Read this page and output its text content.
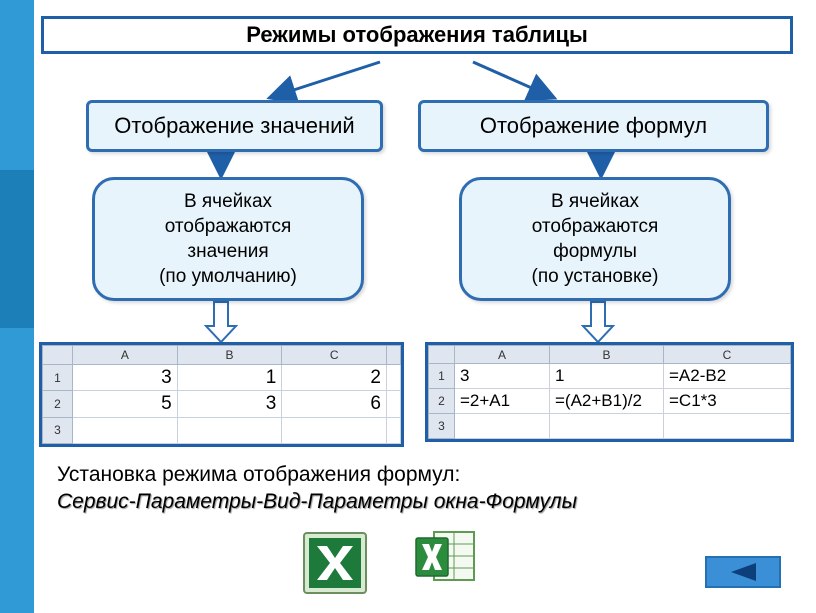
Режимы отображения таблицы
Отображение значений	Отображение формул
В ячейках
отображаются
значения
(по умолчанию)
В ячейках
отображаются
формулы
(по установке)
	A	B	C	
1	3	1	2	
2	5	3	6	
3				
	A	B	C
1	3	1	=A2-B2
2	=2+A1	=(A2+B1)/2	=C1*3
3			
Установка режима отображения формул:
Сервис-Параметры-Вид-Параметры окна-Формулы
